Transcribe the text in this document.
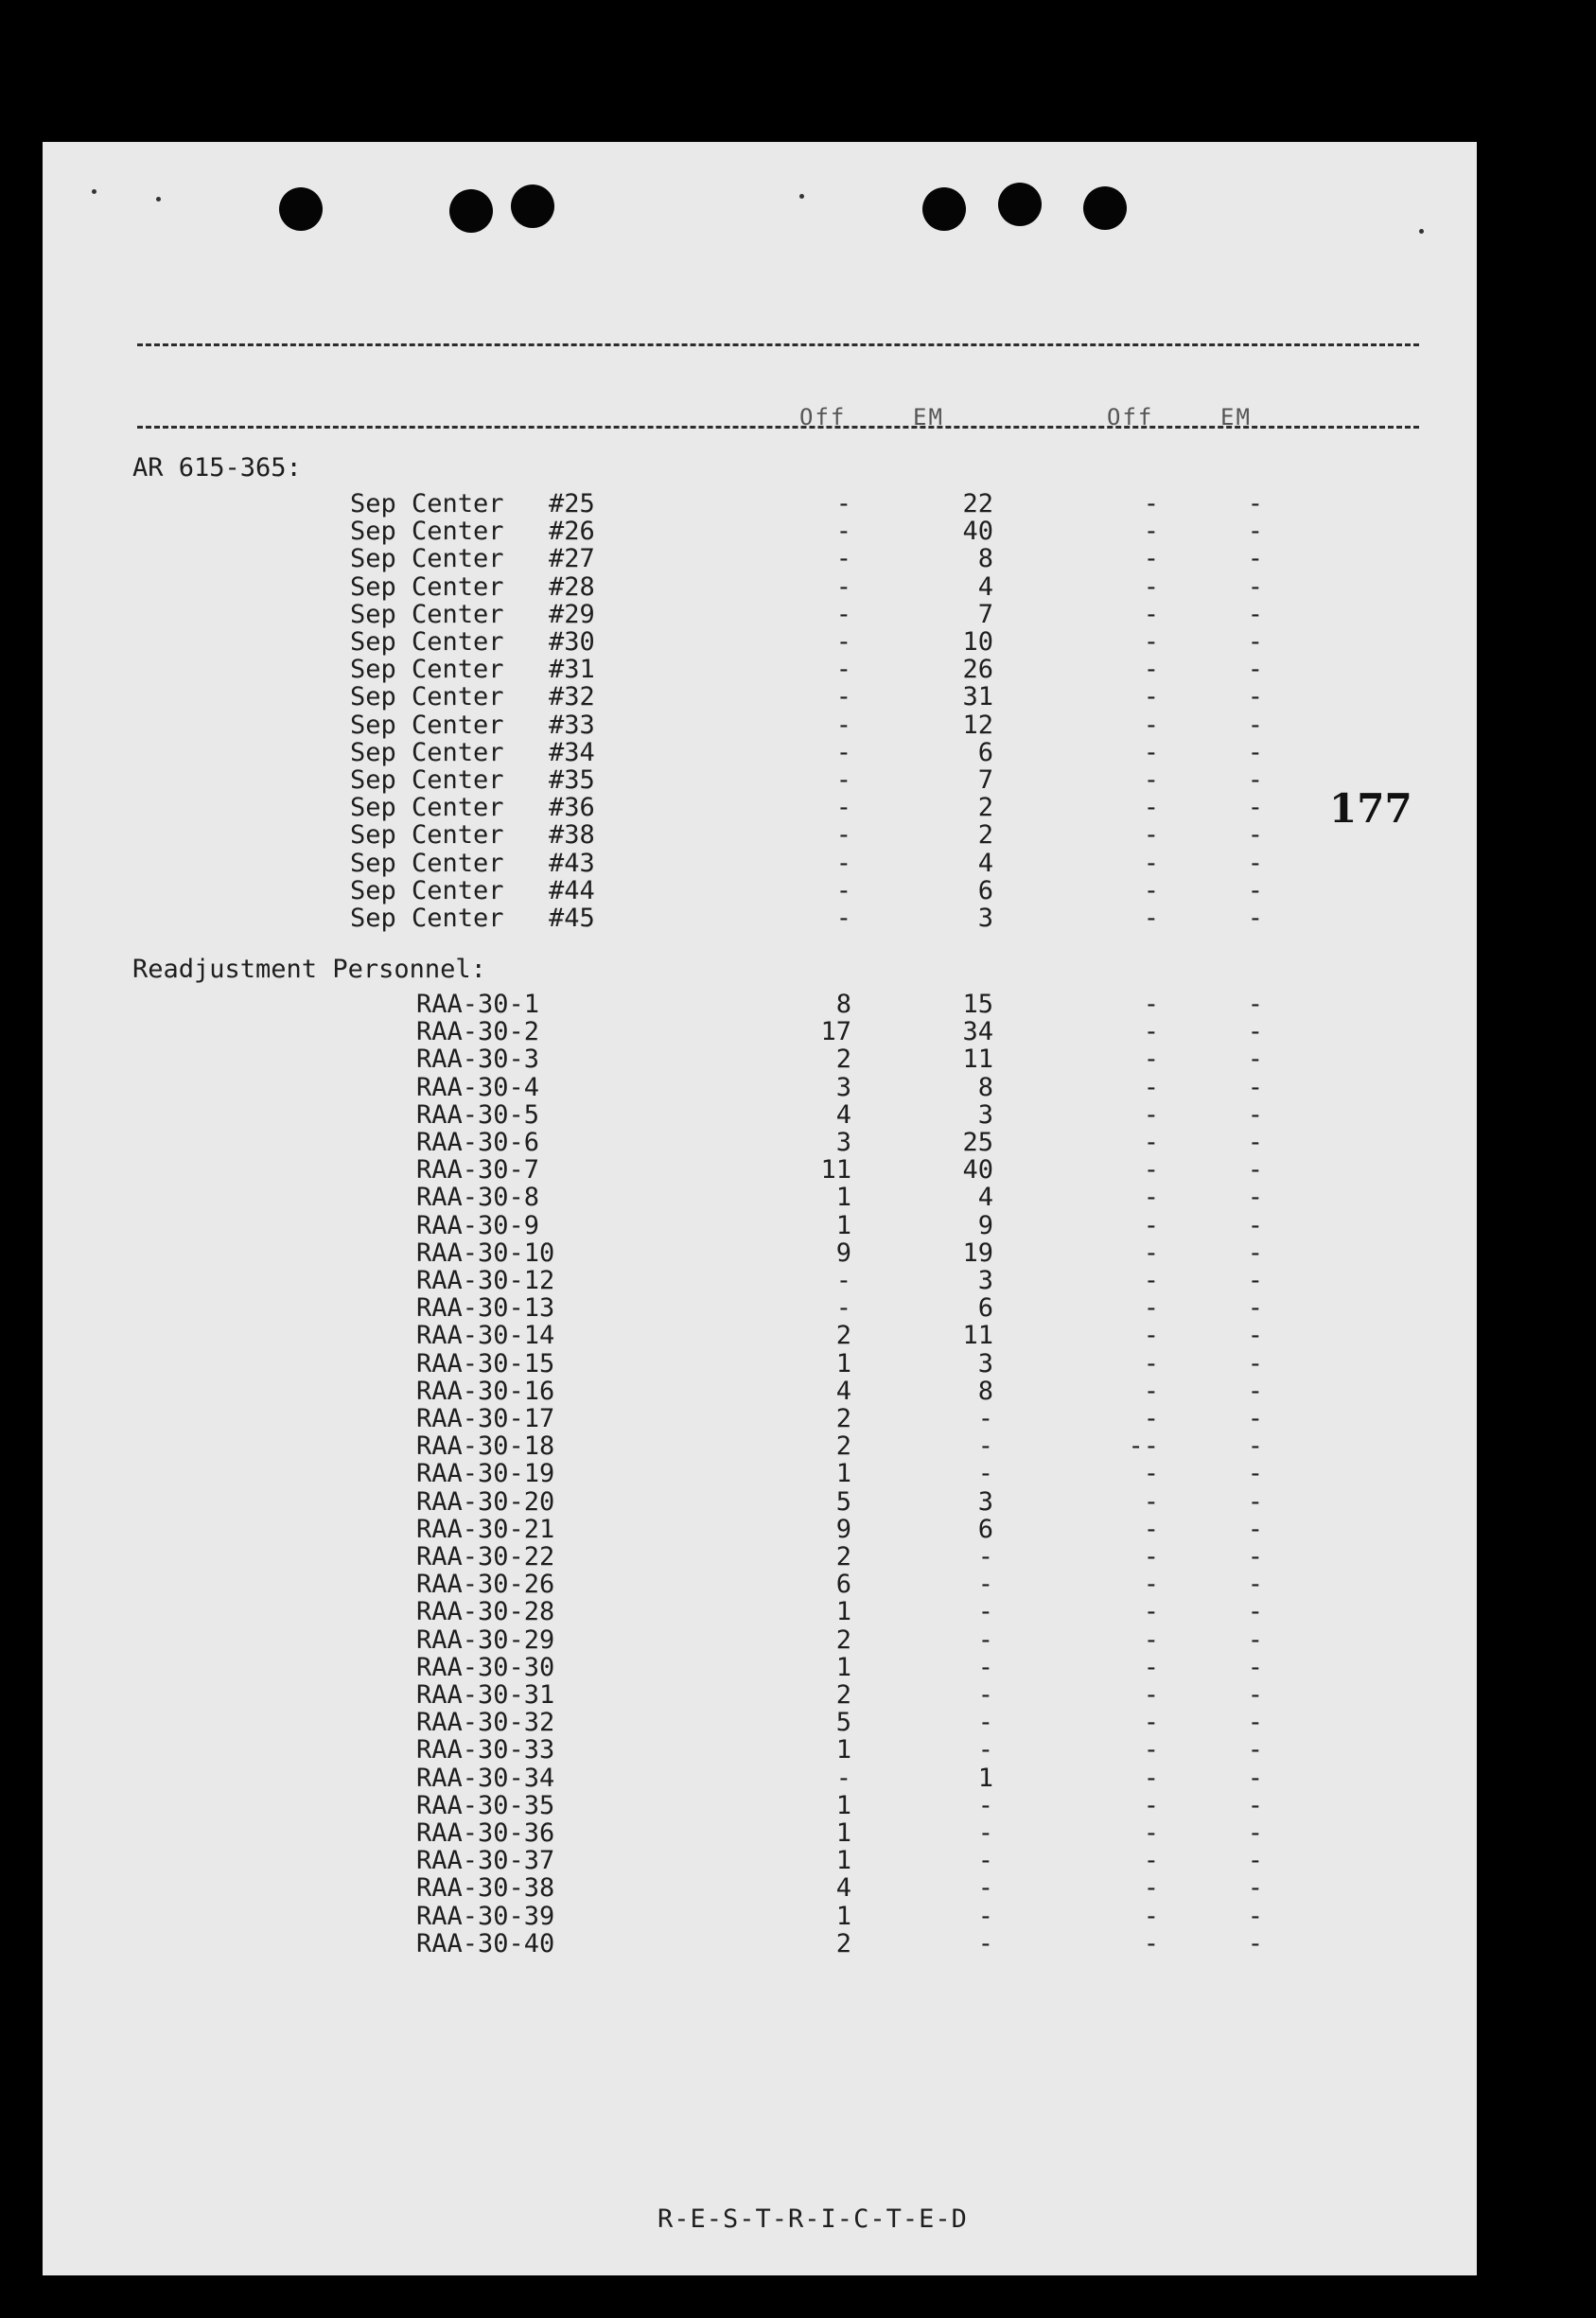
Off	EM	Off	EM
AR 615-365:
Sep Center #25	-	22	-	-
Sep Center #26	-	40	-	-
Sep Center #27	-	8	-	-
Sep Center #28	-	4	-	-
Sep Center #29	-	7	-	-
Sep Center #30	-	10	-	-
Sep Center #31	-	26	-	-
Sep Center #32	-	31	-	-
Sep Center #33	-	12	-	-
Sep Center #34	-	6	-	-
Sep Center #35	-	7	-	-
Sep Center #36	-	2	-	-
Sep Center #38	-	2	-	-
Sep Center #43	-	4	-	-
Sep Center #44	-	6	-	-
Sep Center #45	-	3	-	-
Readjustment Personnel:
RAA-30-1	8	15	-	-
RAA-30-2	17	34	-	-
RAA-30-3	2	11	-	-
RAA-30-4	3	8	-	-
RAA-30-5	4	3	-	-
RAA-30-6	3	25	-	-
RAA-30-7	11	40	-	-
RAA-30-8	1	4	-	-
RAA-30-9	1	9	-	-
RAA-30-10	9	19	-	-
RAA-30-12	-	3	-	-
RAA-30-13	-	6	-	-
RAA-30-14	2	11	-	-
RAA-30-15	1	3	-	-
RAA-30-16	4	8	-	-
RAA-30-17	2	-	-	-
RAA-30-18	2	-	--	-
RAA-30-19	1	-	-	-
RAA-30-20	5	3	-	-
RAA-30-21	9	6	-	-
RAA-30-22	2	-	-	-
RAA-30-26	6	-	-	-
RAA-30-28	1	-	-	-
RAA-30-29	2	-	-	-
RAA-30-30	1	-	-	-
RAA-30-31	2	-	-	-
RAA-30-32	5	-	-	-
RAA-30-33	1	-	-	-
RAA-30-34	-	1	-	-
RAA-30-35	1	-	-	-
RAA-30-36	1	-	-	-
RAA-30-37	1	-	-	-
RAA-30-38	4	-	-	-
RAA-30-39	1	-	-	-
RAA-30-40	2	-	-	-
177
R-E-S-T-R-I-C-T-E-D
